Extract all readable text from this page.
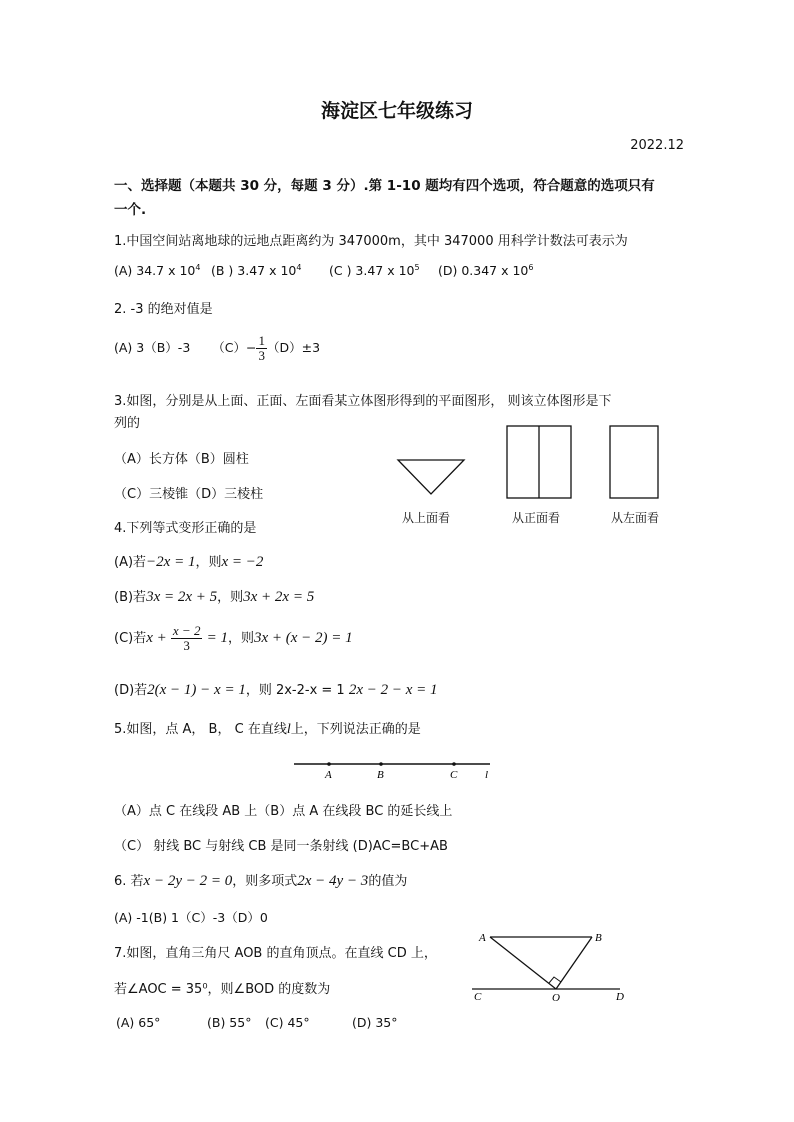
海淀区七年级练习
2022.12
一、选择题（本题共 30 分，每题 3 分）.第 1-10 题均有四个选项，符合题意的选项只有
一个.
1.中国空间站离地球的远地点距离约为 347000m，其中 347000 用科学计数法可表示为
(A) 34.7 x $10^4$ (B ) 3.47 x $10^4$ (C ) 3.47 x $10^5$ (D) 0.347 x $10^6$
2. -3 的绝对值是
(A) 3（B）-3 $(C)- \frac{1}{3} (D)\pm 3$
3.如图，分别是从上面、正面、左面看某立体图形得到的平面图形， 则该立体图形是下
列的
（A）长方体（B）圆柱
（C）三棱锥（D）三棱柱
从上面看	从正面看	从左面看
4.下列等式变形正确的是
(A)若−2x = 1，则x = −2
(B)若3x = 2x + 5，则3x + 2x = 5
(C)若$x + \frac{x - 2}{3} = 1$，则3x + (x − 2) = 1
(D)若2(x − 1) − x = 1，则 2x-2-x = 1 2x − 2 − x = 1
5.如图，点 A， B， C 在直线l上，下列说法正确的是
A	B	C	l
（A）点 C 在线段 AB 上（B）点 A 在线段 BC 的延长线上
（C） 射线 BC 与射线 CB 是同一条射线 (D)AC=BC+AB
6. 若x − 2y − 2 = 0，则多项式2x − 4y − 3的值为
(A) -1(B) 1（C）-3（D）0
7.如图，直角三角尺 AOB 的直角顶点。在直线 CD 上，
若∠AOC = 35⁰，则∠BOD 的度数为
(A) 65°	(B) 55° (C) 45°	(D) 35°
A	B
C	O	D
